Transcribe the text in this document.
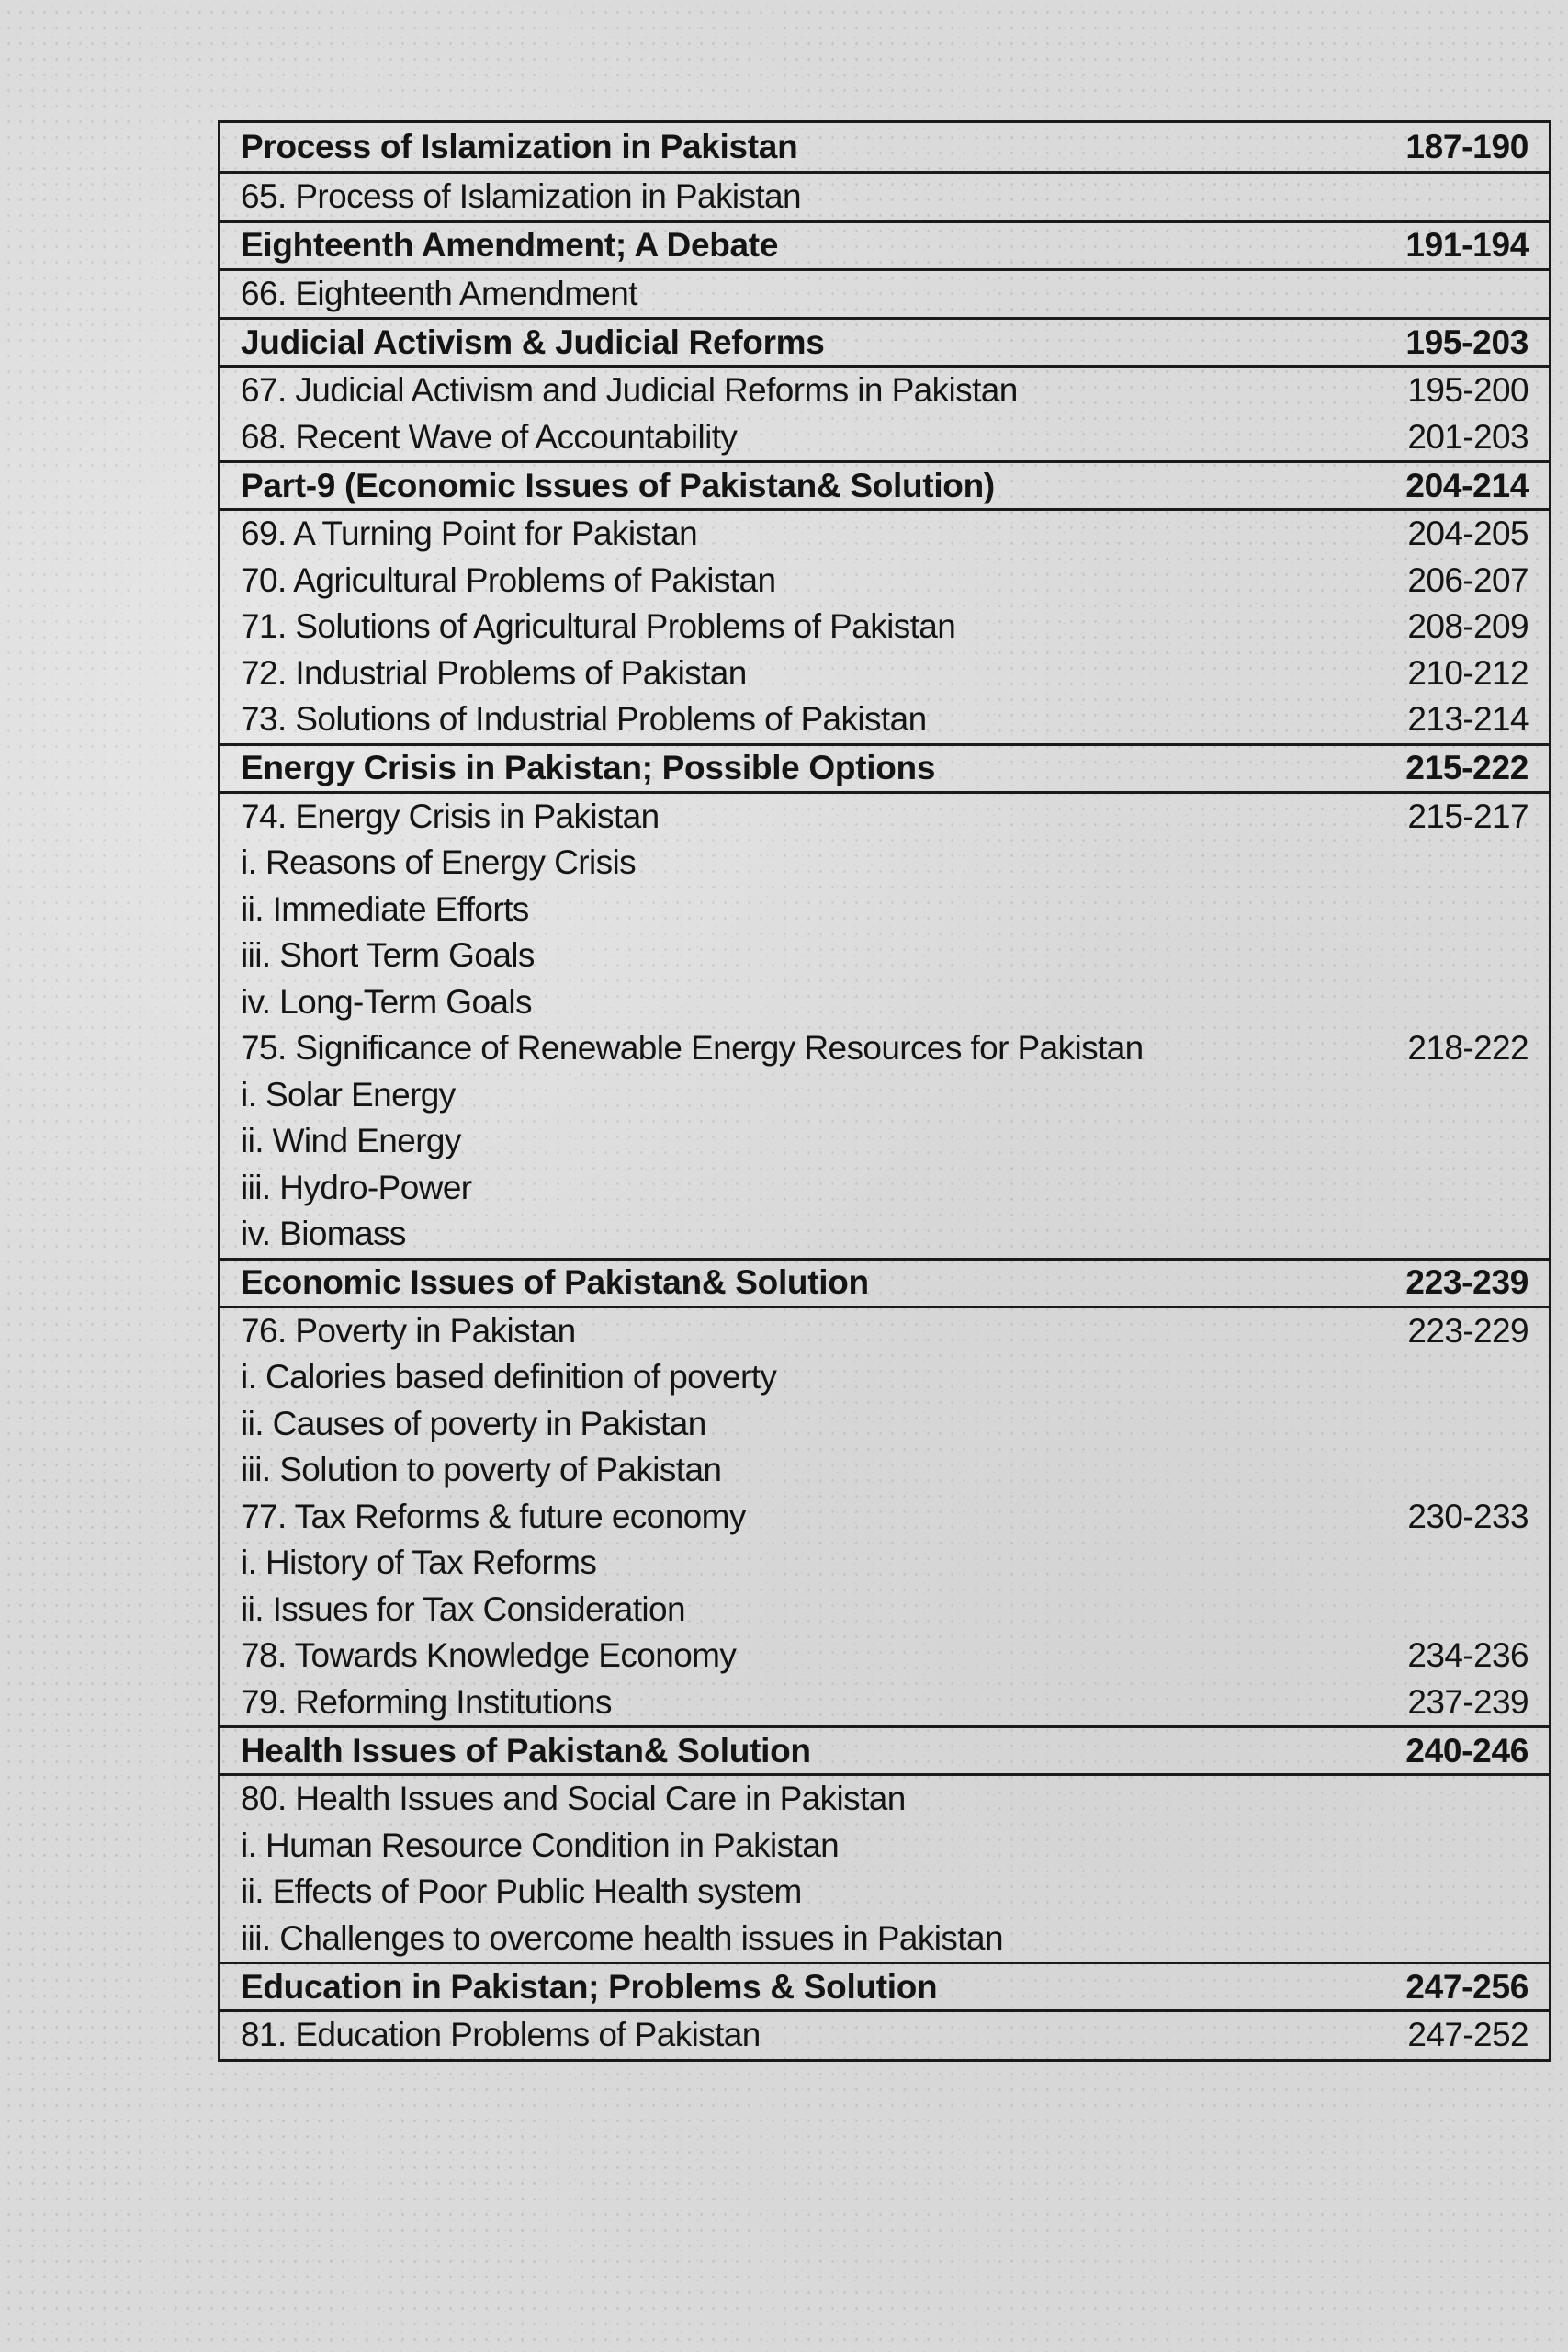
Process of Islamization in Pakistan	187-190
65. Process of Islamization in Pakistan
Eighteenth Amendment; A Debate	191-194
66. Eighteenth Amendment
Judicial Activism & Judicial Reforms	195-203
67. Judicial Activism and Judicial Reforms in Pakistan	195-200
68. Recent Wave of Accountability	201-203
Part-9 (Economic Issues of Pakistan& Solution)	204-214
69. A Turning Point for Pakistan	204-205
70. Agricultural Problems of Pakistan	206-207
71. Solutions of Agricultural Problems of Pakistan	208-209
72. Industrial Problems of Pakistan	210-212
73. Solutions of Industrial Problems of Pakistan	213-214
Energy Crisis in Pakistan; Possible Options	215-222
74. Energy Crisis in Pakistan	215-217
i. Reasons of Energy Crisis
ii. Immediate Efforts
iii. Short Term Goals
iv. Long-Term Goals
75. Significance of Renewable Energy Resources for Pakistan	218-222
i. Solar Energy
ii. Wind Energy
iii. Hydro-Power
iv. Biomass
Economic Issues of Pakistan& Solution	223-239
76. Poverty in Pakistan	223-229
i. Calories based definition of poverty
ii. Causes of poverty in Pakistan
iii. Solution to poverty of Pakistan
77. Tax Reforms & future economy	230-233
i. History of Tax Reforms
ii. Issues for Tax Consideration
78. Towards Knowledge Economy	234-236
79. Reforming Institutions	237-239
Health Issues of Pakistan& Solution	240-246
80. Health Issues and Social Care in Pakistan
i. Human Resource Condition in Pakistan
ii. Effects of Poor Public Health system
iii. Challenges to overcome health issues in Pakistan
Education in Pakistan; Problems & Solution	247-256
81. Education Problems of Pakistan	247-252
